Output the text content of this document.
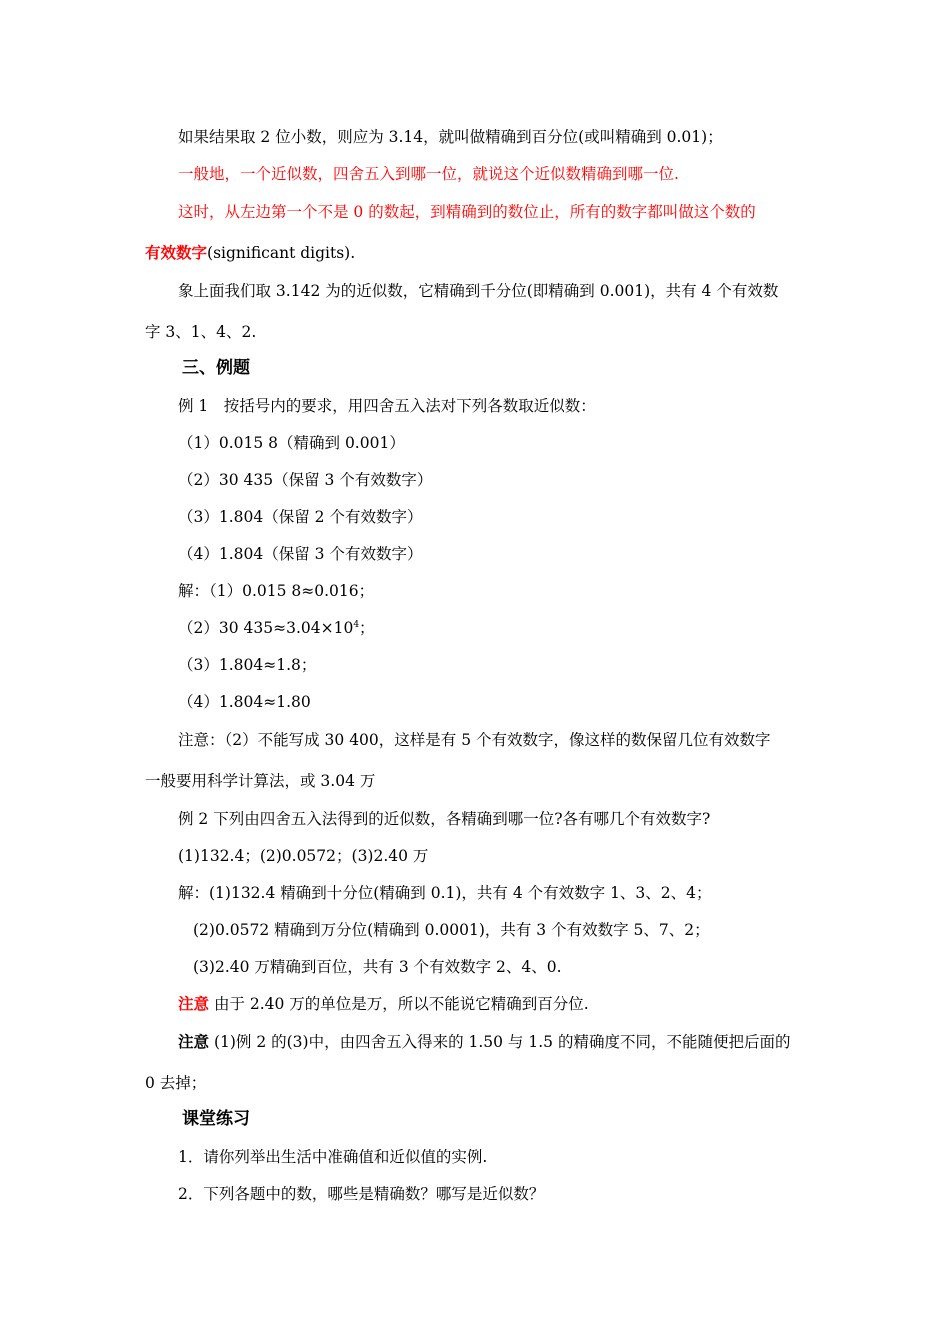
如果结果取 2 位小数，则应为 3.14，就叫做精确到百分位(或叫精确到 0.01)；
一般地，一个近似数，四舍五入到哪一位，就说这个近似数精确到哪一位.
这时，从左边第一个不是 0 的数起，到精确到的数位止，所有的数字都叫做这个数的
有效数字(significant digits).
象上面我们取 3.142 为的近似数，它精确到千分位(即精确到 0.001)，共有 4 个有效数
字 3、1、4、2.
三、例题
例 1　按括号内的要求，用四舍五入法对下列各数取近似数：
（1）0.015 8（精确到 0.001）
（2）30 435（保留 3 个有效数字）
（3）1.804（保留 2 个有效数字）
（4）1.804（保留 3 个有效数字）
解：（1）0.015 8≈0.016；
（2）30 $435\approx 3.04\times 10^4$；
（3）1.804≈1.8；
（4）1.804≈1.80
注意：（2）不能写成 30 400，这样是有 5 个有效数字，像这样的数保留几位有效数字
一般要用科学计算法，或 3.04 万
例 2 下列由四舍五入法得到的近似数，各精确到哪一位?各有哪几个有效数字?
(1)132.4；(2)0.0572；(3)2.40 万
解：(1)132.4 精确到十分位(精确到 0.1)，共有 4 个有效数字 1、3、2、4；
(2)0.0572 精确到万分位(精确到 0.0001)，共有 3 个有效数字 5、7、2；
(3)2.40 万精确到百位，共有 3 个有效数字 2、4、0.
注意 由于 2.40 万的单位是万，所以不能说它精确到百分位.
注意 (1)例 2 的(3)中，由四舍五入得来的 1.50 与 1.5 的精确度不同，不能随便把后面的
0 去掉；
课堂练习
1．请你列举出生活中准确值和近似值的实例.
2．下列各题中的数，哪些是精确数？哪写是近似数？
